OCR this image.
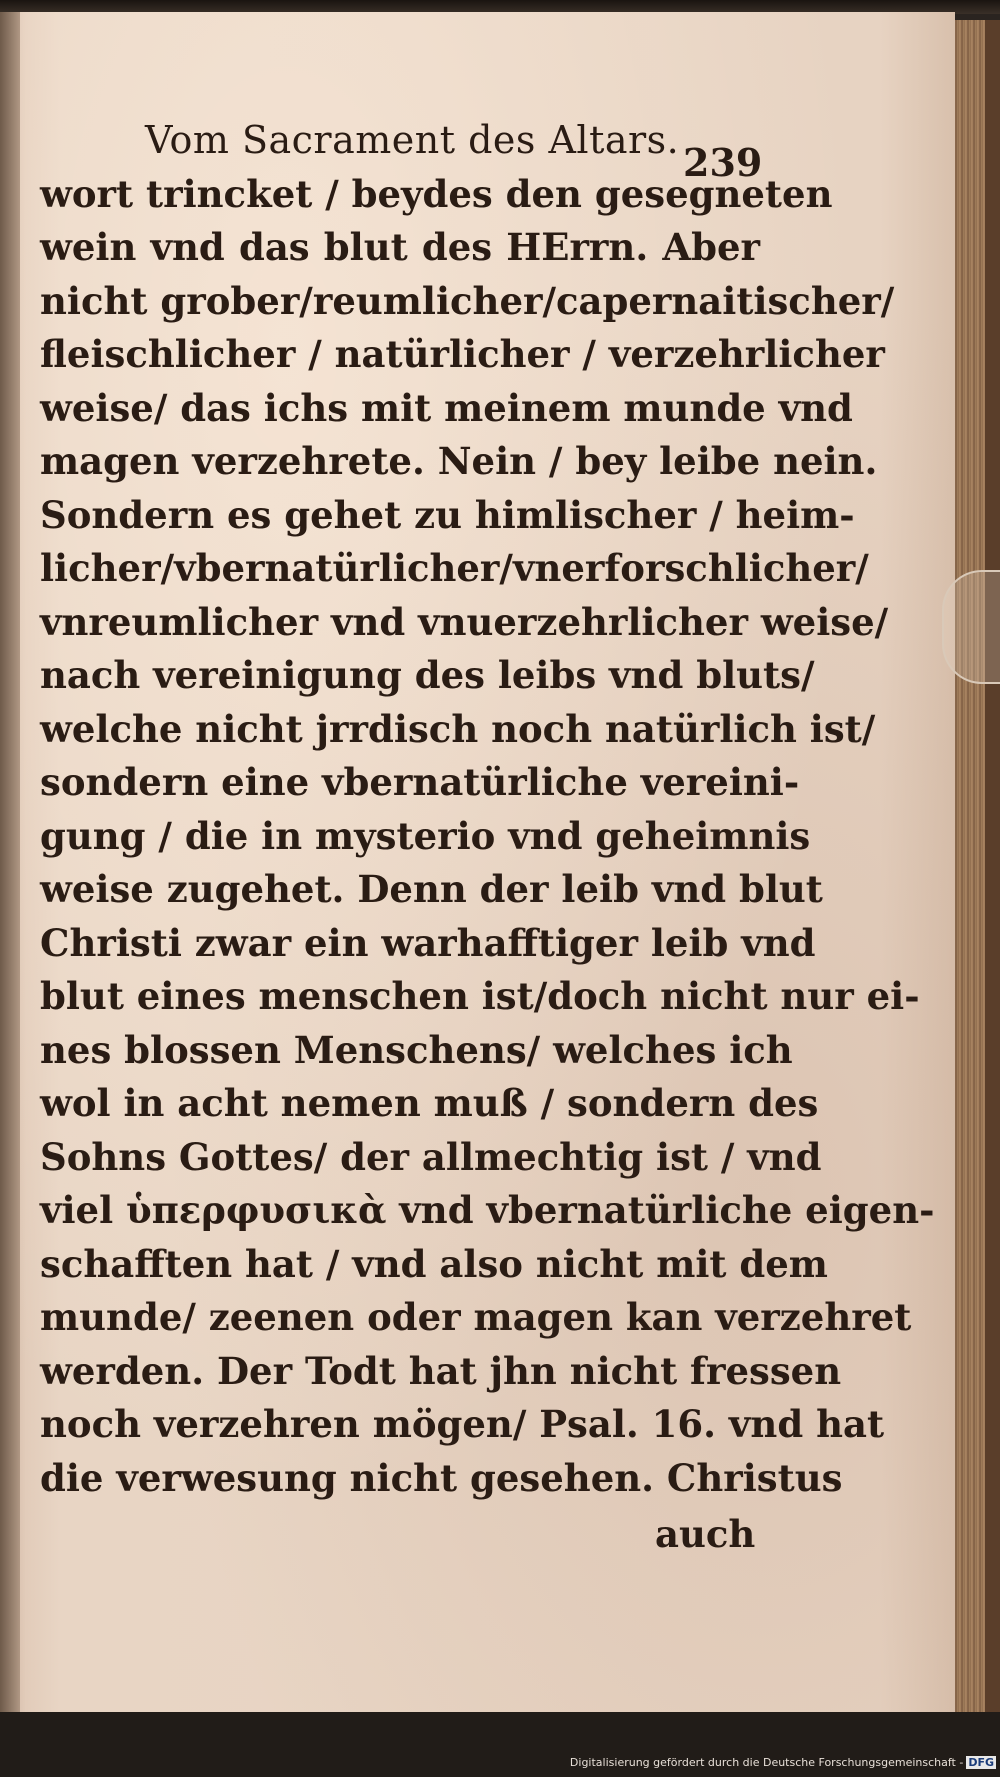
Vom Sacrament des Altars. 239
wort trincket / beydes den gesegneten
wein vnd das blut des HErrn. Aber
nicht grober/reumlicher/capernaitischer/
fleischlicher / natürlicher / verzehrlicher
weise/ das ichs mit meinem munde vnd
magen verzehrete. Nein / bey leibe nein.
Sondern es gehet zu himlischer / heim-
licher/vbernatürlicher/vnerforschlicher/
vnreumlicher vnd vnuerzehrlicher weise/
nach vereinigung des leibs vnd bluts/
welche nicht jrrdisch noch natürlich ist/
sondern eine vbernatürliche vereini-
gung / die in mysterio vnd geheimnis
weise zugehet. Denn der leib vnd blut
Christi zwar ein warhafftiger leib vnd
blut eines menschen ist/doch nicht nur ei-
nes blossen Menschens/ welches ich
wol in acht nemen muß / sondern des
Sohns Gottes/ der allmechtig ist / vnd
viel ὑπερφυσικὰ vnd vbernatürliche eigen-
schafften hat / vnd also nicht mit dem
munde/ zeenen oder magen kan verzehret
werden. Der Todt hat jhn nicht fressen
noch verzehren mögen/ Psal. 16. vnd hat
die verwesung nicht gesehen. Christus
auch
Digitalisierung gefördert durch die Deutsche Forschungsgemeinschaft - DFG
